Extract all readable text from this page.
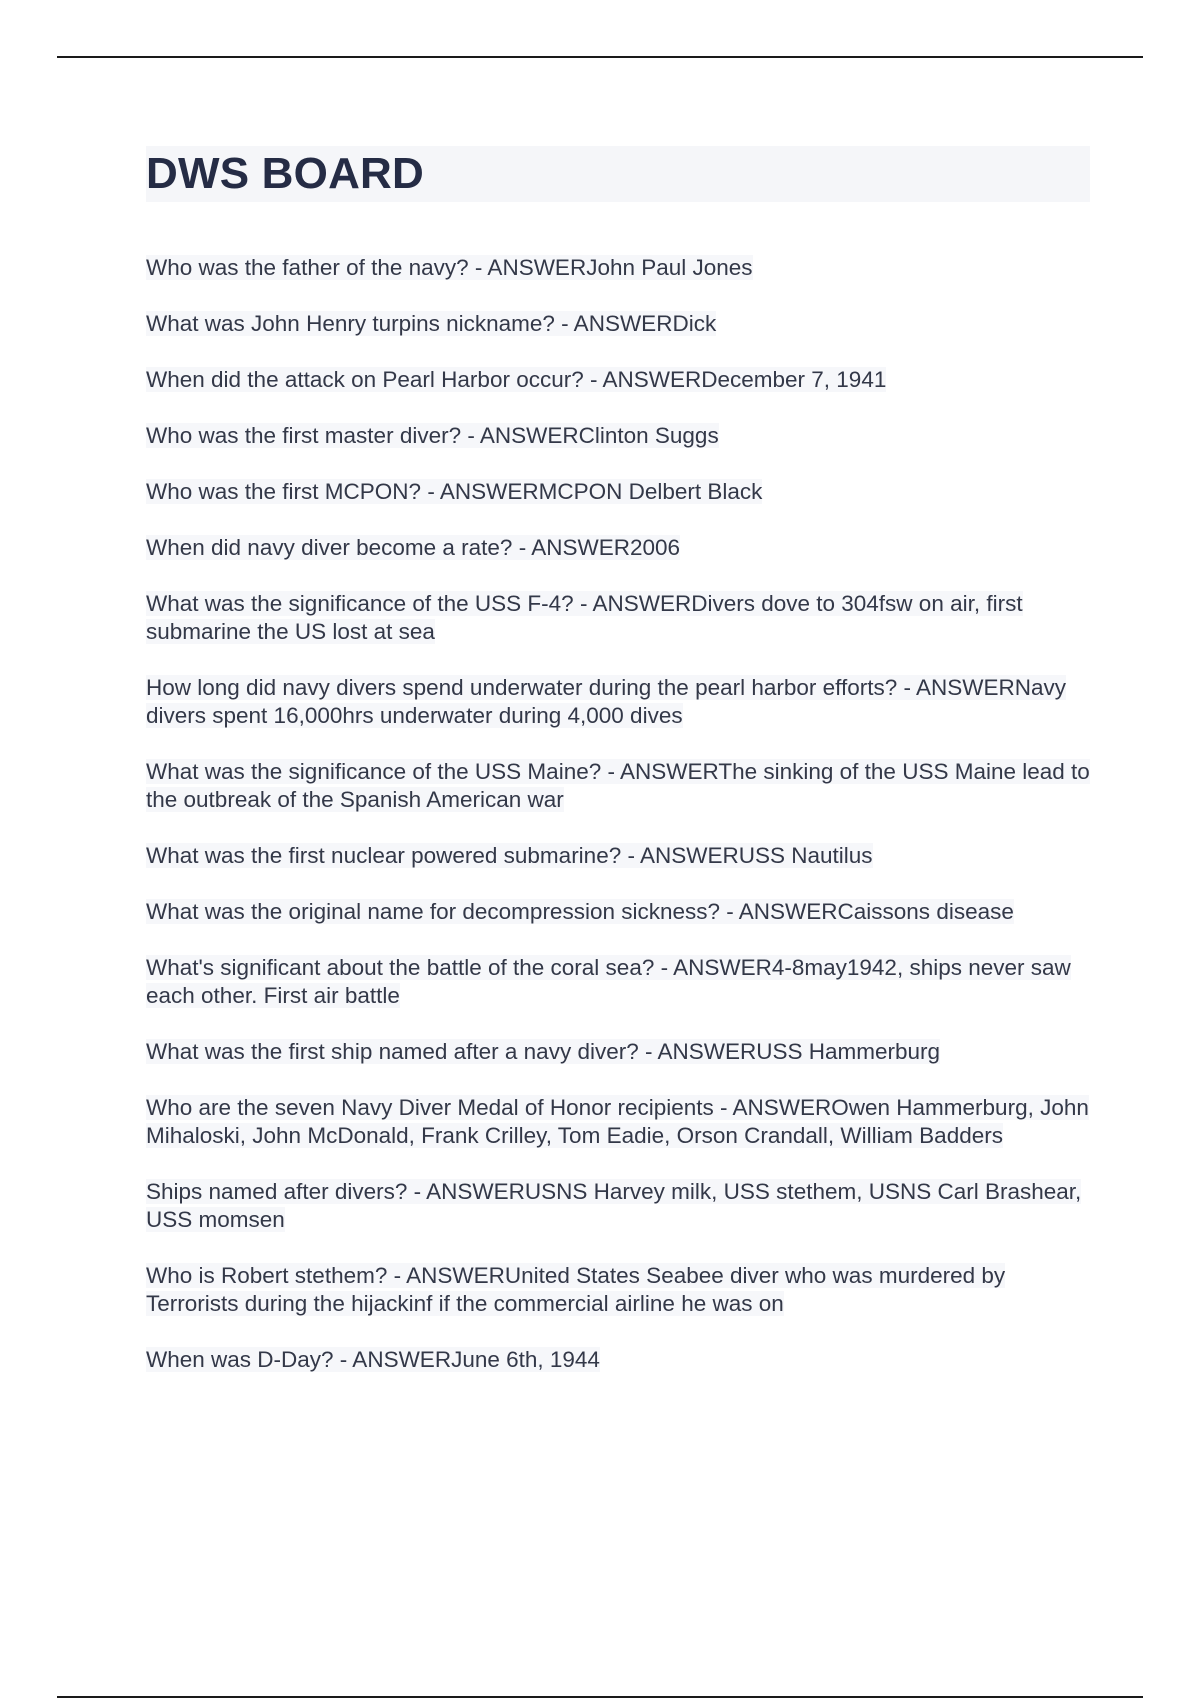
DWS BOARD
Who was the father of the navy? - ANSWERJohn Paul Jones
What was John Henry turpins nickname? - ANSWERDick
When did the attack on Pearl Harbor occur? - ANSWERDecember 7, 1941
Who was the first master diver? - ANSWERClinton Suggs
Who was the first MCPON? - ANSWERMCPON Delbert Black
When did navy diver become a rate? - ANSWER2006
What was the significance of the USS F-4? - ANSWERDivers dove to 304fsw on air, first submarine the US lost at sea
How long did navy divers spend underwater during the pearl harbor efforts? - ANSWERNavy divers spent 16,000hrs underwater during 4,000 dives
What was the significance of the USS Maine? - ANSWERThe sinking of the USS Maine lead to the outbreak of the Spanish American war
What was the first nuclear powered submarine? - ANSWERUSS Nautilus
What was the original name for decompression sickness? - ANSWERCaissons disease
What's significant about the battle of the coral sea? - ANSWER4-8may1942, ships never saw each other. First air battle
What was the first ship named after a navy diver? - ANSWERUSS Hammerburg
Who are the seven Navy Diver Medal of Honor recipients - ANSWEROwen Hammerburg, John Mihaloski, John McDonald, Frank Crilley, Tom Eadie, Orson Crandall, William Badders
Ships named after divers? - ANSWERUSNS Harvey milk, USS stethem, USNS Carl Brashear, USS momsen
Who is Robert stethem? - ANSWERUnited States Seabee diver who was murdered by Terrorists during the hijackinf if the commercial airline he was on
When was D-Day? - ANSWERJune 6th, 1944
